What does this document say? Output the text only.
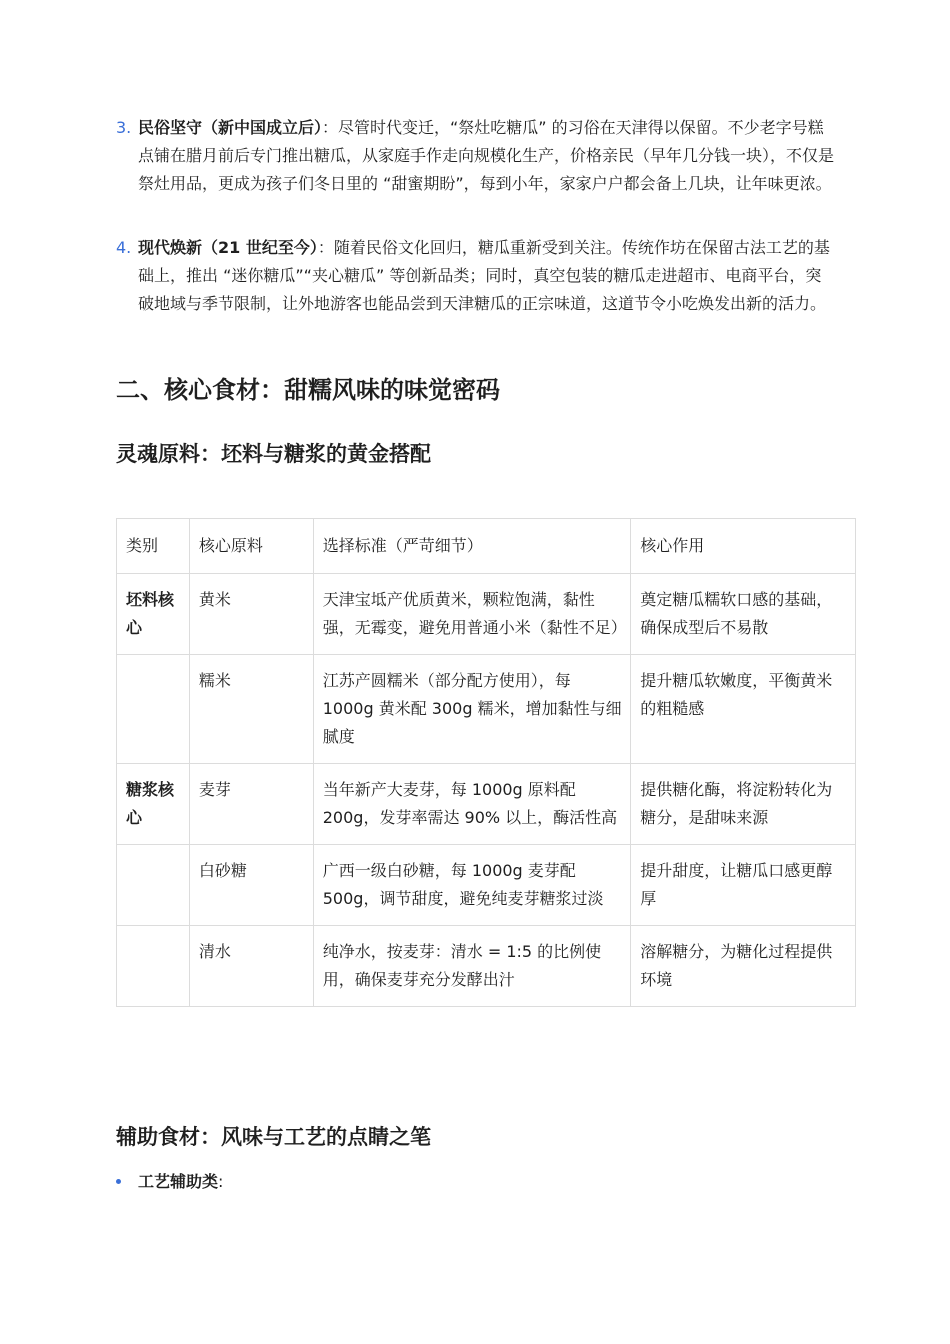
3. 民俗坚守（新中国成立后）：尽管时代变迁，“祭灶吃糖瓜” 的习俗在天津得以保留。不少老字号糕点铺在腊月前后专门推出糖瓜，从家庭手作走向规模化生产，价格亲民（早年几分钱一块），不仅是祭灶用品，更成为孩子们冬日里的 “甜蜜期盼”，每到小年，家家户户都会备上几块，让年味更浓。
4. 现代焕新（21 世纪至今）：随着民俗文化回归，糖瓜重新受到关注。传统作坊在保留古法工艺的基础上，推出 “迷你糖瓜”“夹心糖瓜” 等创新品类；同时，真空包装的糖瓜走进超市、电商平台，突破地域与季节限制，让外地游客也能品尝到天津糖瓜的正宗味道，这道节令小吃焕发出新的活力。
二、核心食材：甜糯风味的味觉密码
灵魂原料：坯料与糖浆的黄金搭配
类别	核心原料	选择标准（严苛细节）	核心作用
坯料核心	黄米	天津宝坻产优质黄米，颗粒饱满，黏性强，无霉变，避免用普通小米（黏性不足）	奠定糖瓜糯软口感的基础，确保成型后不易散
	糯米	江苏产圆糯米（部分配方使用），每 1000g 黄米配 300g 糯米，增加黏性与细腻度	提升糖瓜软嫩度，平衡黄米的粗糙感
糖浆核心	麦芽	当年新产大麦芽，每 1000g 原料配 200g，发芽率需达 90% 以上，酶活性高	提供糖化酶，将淀粉转化为糖分，是甜味来源
	白砂糖	广西一级白砂糖，每 1000g 麦芽配 500g，调节甜度，避免纯麦芽糖浆过淡	提升甜度，让糖瓜口感更醇厚
	清水	纯净水，按麦芽：清水 = 1:5 的比例使用，确保麦芽充分发酵出汁	溶解糖分，为糖化过程提供环境
辅助食材：风味与工艺的点睛之笔
工艺辅助类:
